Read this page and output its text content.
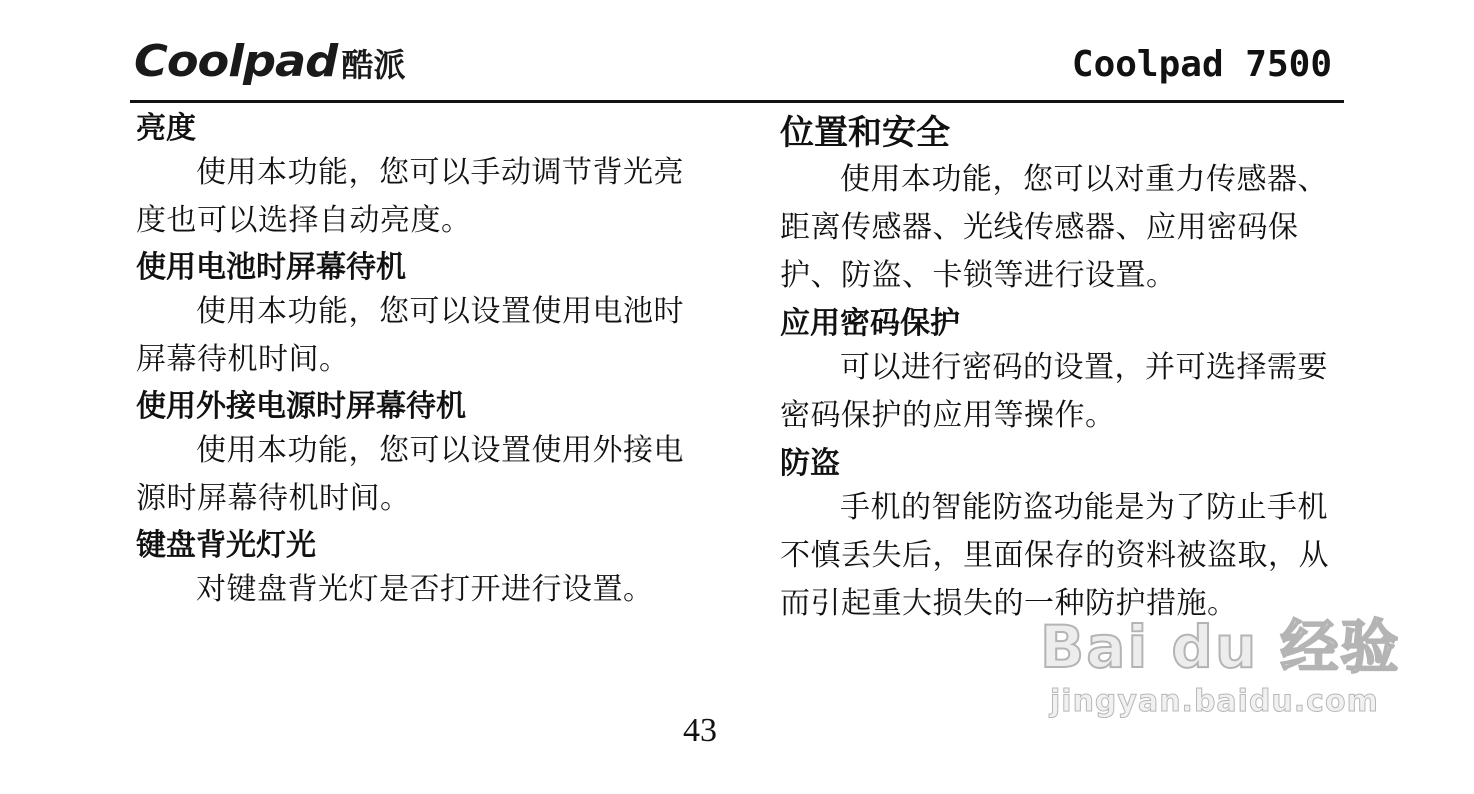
Coolpad 酷派	Coolpad 7500
亮度

使用本功能，您可以手动调节背光亮度也可以选择自动亮度。

使用电池时屏幕待机

使用本功能，您可以设置使用电池时屏幕待机时间。

使用外接电源时屏幕待机

使用本功能，您可以设置使用外接电源时屏幕待机时间。

键盘背光灯光

对键盘背光灯是否打开进行设置。

位置和安全

使用本功能，您可以对重力传感器、距离传感器、光线传感器、应用密码保护、防盗、卡锁等进行设置。

应用密码保护

可以进行密码的设置，并可选择需要密码保护的应用等操作。

防盗

手机的智能防盗功能是为了防止手机不慎丢失后，里面保存的资料被盗取，从而引起重大损失的一种防护措施。

43
Bai du 经验
jingyan.baidu.com
